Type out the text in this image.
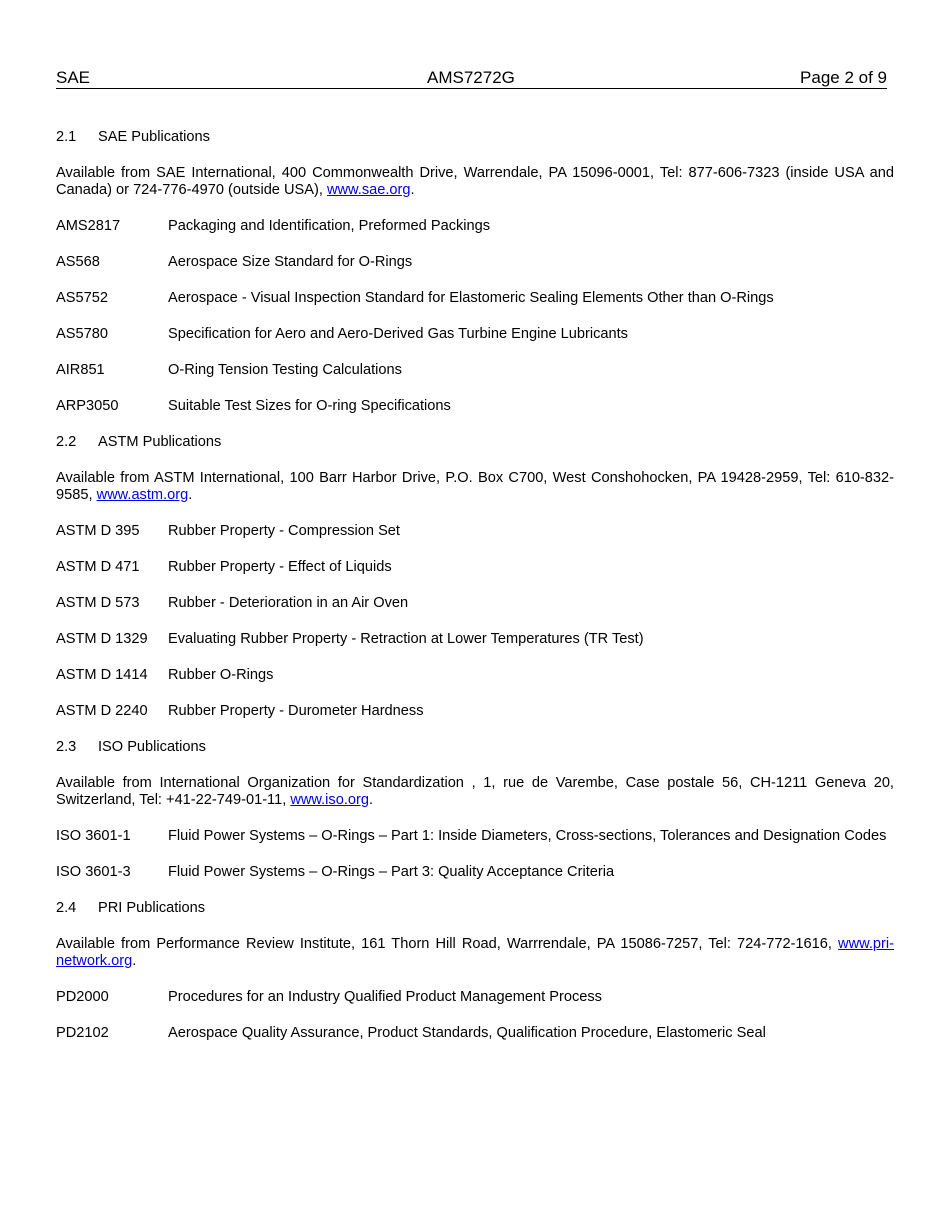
SAE	AMS7272G	Page 2 of 9
2.1	SAE Publications
Available from SAE International, 400 Commonwealth Drive, Warrendale, PA 15096-0001, Tel: 877-606-7323 (inside USA and Canada) or 724-776-4970 (outside USA), www.sae.org.
AMS2817	Packaging and Identification, Preformed Packings
AS568	Aerospace Size Standard for O-Rings
AS5752	Aerospace - Visual Inspection Standard for Elastomeric Sealing Elements Other than O-Rings
AS5780	Specification for Aero and Aero-Derived Gas Turbine Engine Lubricants
AIR851	O-Ring Tension Testing Calculations
ARP3050	Suitable Test Sizes for O-ring Specifications
2.2	ASTM Publications
Available from ASTM International, 100 Barr Harbor Drive, P.O. Box C700, West Conshohocken, PA 19428-2959, Tel: 610-832-9585, www.astm.org.
ASTM D 395	Rubber Property - Compression Set
ASTM D 471	Rubber Property - Effect of Liquids
ASTM D 573	Rubber - Deterioration in an Air Oven
ASTM D 1329	Evaluating Rubber Property - Retraction at Lower Temperatures (TR Test)
ASTM D 1414	Rubber O-Rings
ASTM D 2240	Rubber Property - Durometer Hardness
2.3	ISO Publications
Available from International Organization for Standardization , 1, rue de Varembe, Case postale 56, CH-1211 Geneva 20, Switzerland, Tel: +41-22-749-01-11, www.iso.org.
ISO 3601-1	Fluid Power Systems – O-Rings – Part 1: Inside Diameters, Cross-sections, Tolerances and Designation Codes
ISO 3601-3	Fluid Power Systems – O-Rings – Part 3: Quality Acceptance Criteria
2.4	PRI Publications
Available from Performance Review Institute, 161 Thorn Hill Road, Warrrendale, PA 15086-7257, Tel: 724-772-1616, www.pri-network.org.
PD2000	Procedures for an Industry Qualified Product Management Process
PD2102	Aerospace Quality Assurance, Product Standards, Qualification Procedure, Elastomeric Seal
